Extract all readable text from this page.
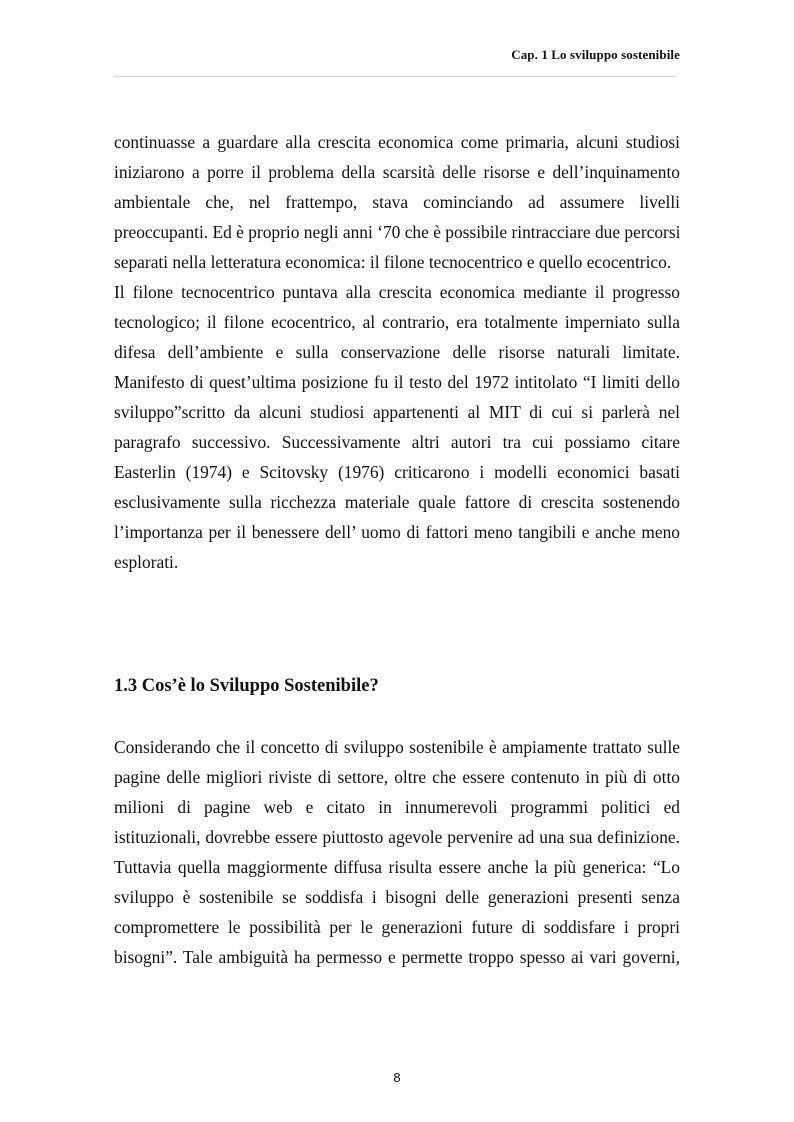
Cap. 1 Lo sviluppo sostenibile
continuasse a guardare alla crescita economica come primaria, alcuni studiosi
iniziarono a porre il problema della scarsità delle risorse e dell’inquinamento
ambientale che, nel frattempo, stava cominciando ad assumere livelli
preoccupanti. Ed è proprio negli anni ‘70 che è possibile rintracciare due percorsi
separati nella letteratura economica: il filone tecnocentrico e quello ecocentrico.
Il filone tecnocentrico puntava alla crescita economica mediante il progresso
tecnologico; il filone ecocentrico, al contrario, era totalmente imperniato sulla
difesa dell’ambiente e sulla conservazione delle risorse naturali limitate.
Manifesto di quest’ultima posizione fu il testo del 1972 intitolato “I limiti dello
sviluppo”scritto da alcuni studiosi appartenenti al MIT di cui si parlerà nel
paragrafo successivo. Successivamente altri autori tra cui possiamo citare
Easterlin (1974) e Scitovsky (1976) criticarono i modelli economici basati
esclusivamente sulla ricchezza materiale quale fattore di crescita sostenendo
l’importanza per il benessere dell’ uomo di fattori meno tangibili e anche meno
esplorati.
1.3 Cos’è lo Sviluppo Sostenibile?
Considerando che il concetto di sviluppo sostenibile è ampiamente trattato sulle
pagine delle migliori riviste di settore, oltre che essere contenuto in più di otto
milioni di pagine web e citato in innumerevoli programmi politici ed
istituzionali, dovrebbe essere piuttosto agevole pervenire ad una sua definizione.
Tuttavia quella maggiormente diffusa risulta essere anche la più generica: “Lo
sviluppo è sostenibile se soddisfa i bisogni delle generazioni presenti senza
compromettere le possibilità per le generazioni future di soddisfare i propri
bisogni”. Tale ambiguità ha permesso e permette troppo spesso ai vari governi,
8
